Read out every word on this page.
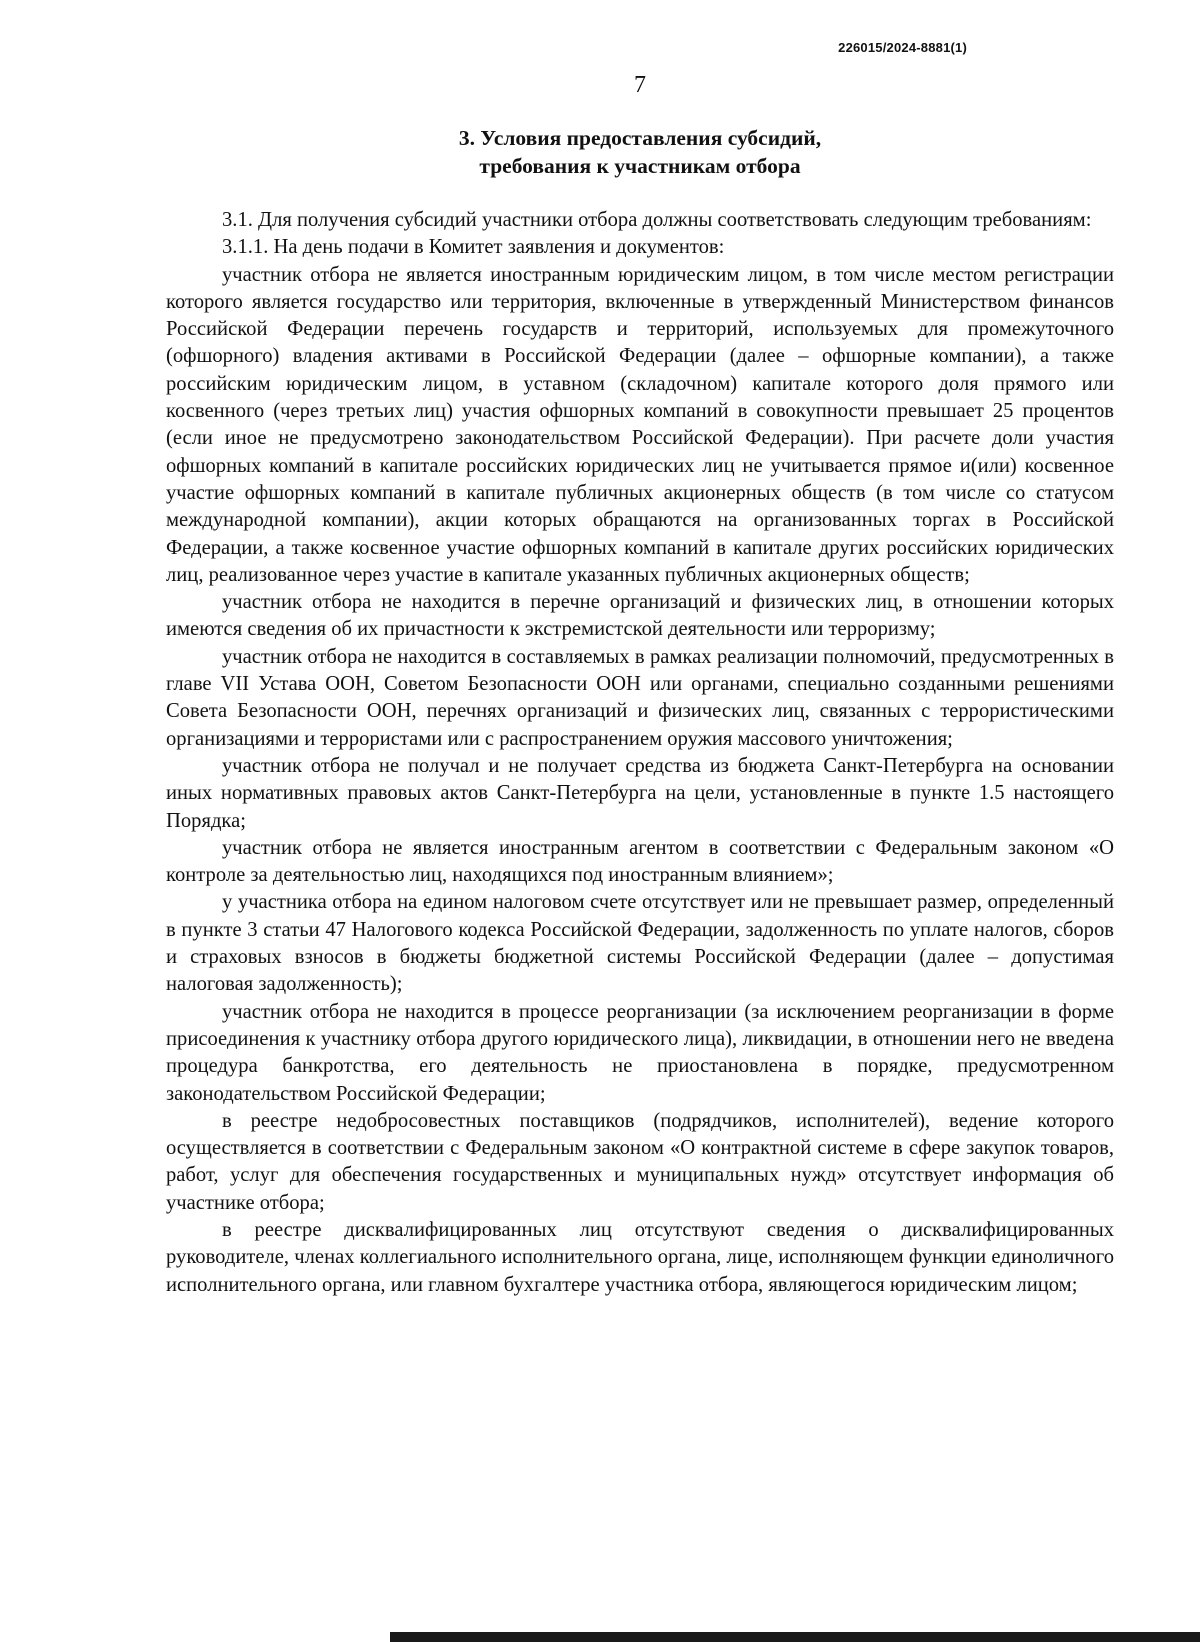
226015/2024-8881(1)
7
3. Условия предоставления субсидий,
требования к участникам отбора

3.1. Для получения субсидий участники отбора должны соответствовать следующим требованиям:

3.1.1. На день подачи в Комитет заявления и документов:

участник отбора не является иностранным юридическим лицом, в том числе местом регистрации которого является государство или территория, включенные в утвержденный Министерством финансов Российской Федерации перечень государств и территорий, используемых для промежуточного (офшорного) владения активами в Российской Федерации (далее – офшорные компании), а также российским юридическим лицом, в уставном (складочном) капитале которого доля прямого или косвенного (через третьих лиц) участия офшорных компаний в совокупности превышает 25 процентов (если иное не предусмотрено законодательством Российской Федерации). При расчете доли участия офшорных компаний в капитале российских юридических лиц не учитывается прямое и(или) косвенное участие офшорных компаний в капитале публичных акционерных обществ (в том числе со статусом международной компании), акции которых обращаются на организованных торгах в Российской Федерации, а также косвенное участие офшорных компаний в капитале других российских юридических лиц, реализованное через участие в капитале указанных публичных акционерных обществ;

участник отбора не находится в перечне организаций и физических лиц, в отношении которых имеются сведения об их причастности к экстремистской деятельности или терроризму;

участник отбора не находится в составляемых в рамках реализации полномочий, предусмотренных в главе VII Устава ООН, Советом Безопасности ООН или органами, специально созданными решениями Совета Безопасности ООН, перечнях организаций и физических лиц, связанных с террористическими организациями и террористами или с распространением оружия массового уничтожения;

участник отбора не получал и не получает средства из бюджета Санкт-Петербурга на основании иных нормативных правовых актов Санкт-Петербурга на цели, установленные в пункте 1.5 настоящего Порядка;

участник отбора не является иностранным агентом в соответствии с Федеральным законом «О контроле за деятельностью лиц, находящихся под иностранным влиянием»;

у участника отбора на едином налоговом счете отсутствует или не превышает размер, определенный в пункте 3 статьи 47 Налогового кодекса Российской Федерации, задолженность по уплате налогов, сборов и страховых взносов в бюджеты бюджетной системы Российской Федерации (далее – допустимая налоговая задолженность);

участник отбора не находится в процессе реорганизации (за исключением реорганизации в форме присоединения к участнику отбора другого юридического лица), ликвидации, в отношении него не введена процедура банкротства, его деятельность не приостановлена в порядке, предусмотренном законодательством Российской Федерации;

в реестре недобросовестных поставщиков (подрядчиков, исполнителей), ведение которого осуществляется в соответствии с Федеральным законом «О контрактной системе в сфере закупок товаров, работ, услуг для обеспечения государственных и муниципальных нужд» отсутствует информация об участнике отбора;

в реестре дисквалифицированных лиц отсутствуют сведения о дисквалифицированных руководителе, членах коллегиального исполнительного органа, лице, исполняющем функции единоличного исполнительного органа, или главном бухгалтере участника отбора, являющегося юридическим лицом;
